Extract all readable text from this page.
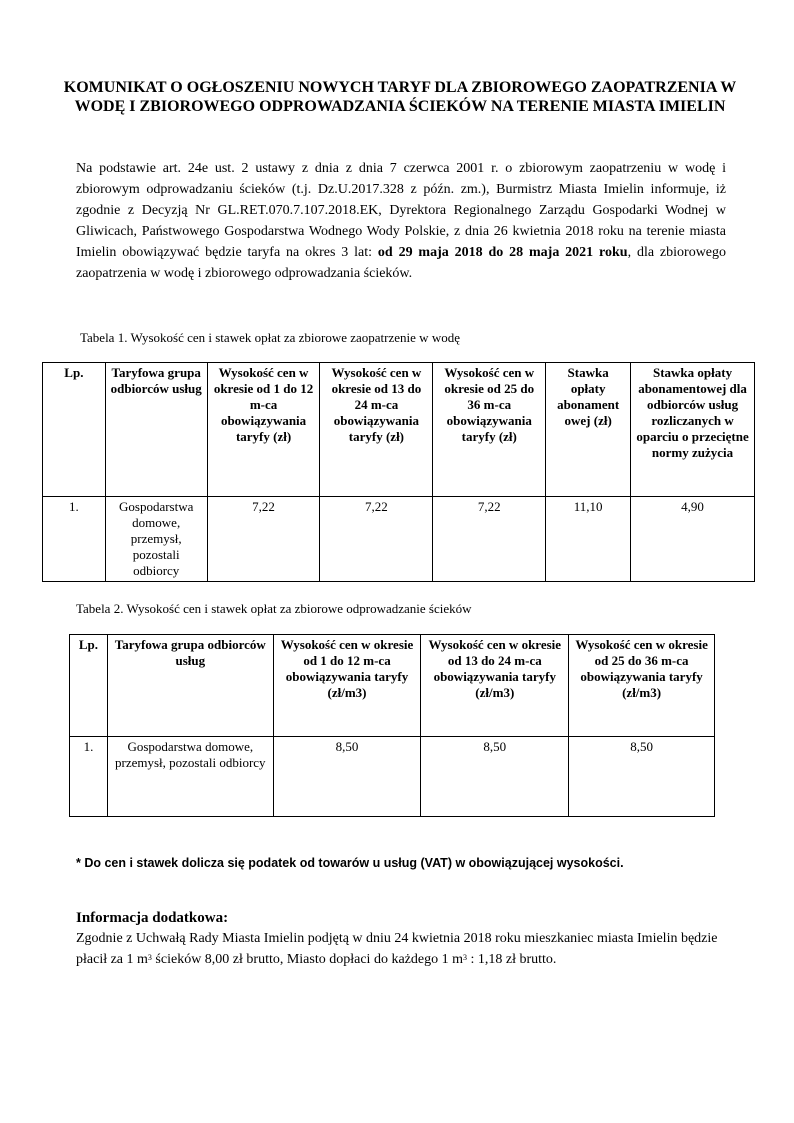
KOMUNIKAT O OGŁOSZENIU NOWYCH TARYF DLA ZBIOROWEGO ZAOPATRZENIA W WODĘ I ZBIOROWEGO ODPROWADZANIA ŚCIEKÓW NA TERENIE MIASTA IMIELIN
Na podstawie art. 24e ust. 2 ustawy z dnia z dnia 7 czerwca 2001 r. o zbiorowym zaopatrzeniu w wodę i zbiorowym odprowadzaniu ścieków (t.j. Dz.U.2017.328 z późn. zm.), Burmistrz Miasta Imielin informuje, iż zgodnie z Decyzją Nr GL.RET.070.7.107.2018.EK, Dyrektora Regionalnego Zarządu Gospodarki Wodnej w Gliwicach, Państwowego Gospodarstwa Wodnego Wody Polskie, z dnia 26 kwietnia 2018 roku na terenie miasta Imielin obowiązywać będzie taryfa na okres 3 lat: od 29 maja 2018 do 28 maja 2021 roku, dla zbiorowego zaopatrzenia w wodę i zbiorowego odprowadzania ścieków.
Tabela 1. Wysokość cen i stawek opłat za zbiorowe zaopatrzenie w wodę
Lp.	Taryfowa grupa odbiorców usług	Wysokość cen w okresie od 1 do 12 m-ca obowiązywania taryfy (zł)	Wysokość cen w okresie od 13 do 24 m-ca obowiązywania taryfy (zł)	Wysokość cen w okresie od 25 do 36 m-ca obowiązywania taryfy (zł)	Stawka opłaty abonament owej (zł)	Stawka opłaty abonamentowej dla odbiorców usług rozliczanych w oparciu o przeciętne normy zużycia
1.	Gospodarstwa domowe, przemysł, pozostali odbiorcy	7,22	7,22	7,22	11,10	4,90
Tabela 2. Wysokość cen i stawek opłat za zbiorowe odprowadzanie ścieków
Lp.	Taryfowa grupa odbiorców usług	Wysokość cen w okresie od 1 do 12 m-ca obowiązywania taryfy (zł/m3)	Wysokość cen w okresie od 13 do 24 m-ca obowiązywania taryfy (zł/m3)	Wysokość cen w okresie od 25 do 36 m-ca obowiązywania taryfy (zł/m3)
1.	Gospodarstwa domowe, przemysł, pozostali odbiorcy	8,50	8,50	8,50
* Do cen i stawek dolicza się podatek od towarów u usług (VAT) w obowiązującej wysokości.
Informacja dodatkowa:
Zgodnie z Uchwałą Rady Miasta Imielin podjętą w dniu 24 kwietnia 2018 roku mieszkaniec miasta Imielin będzie płacił za 1 $m^3$ ścieków 8,00 zł brutto, Miasto dopłaci do każdego 1 $m^3$ : 1,18 zł brutto.
